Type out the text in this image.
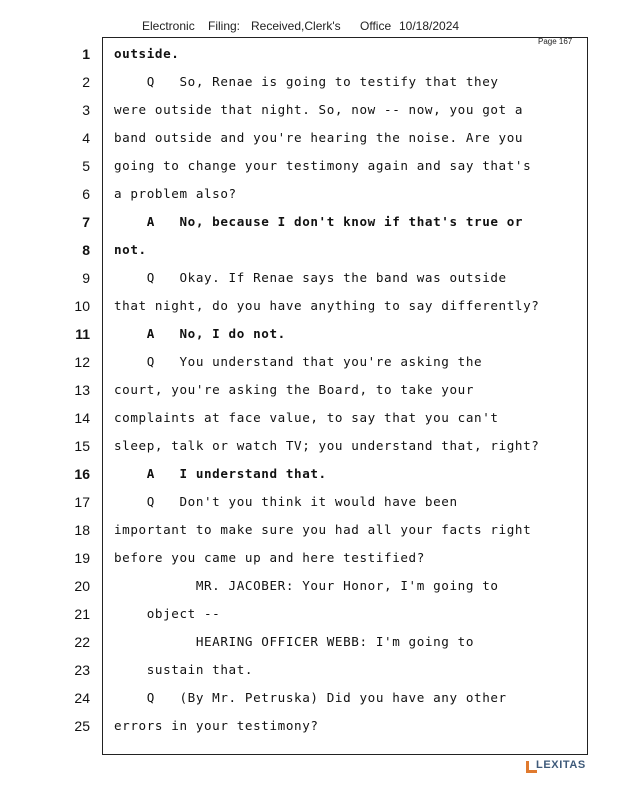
Electronic Filing: Received,Clerk's Office 10/18/2024
Page 167
1 outside.
2 Q   So, Renae is going to testify that they
3 were outside that night. So, now -- now, you got a
4 band outside and you're hearing the noise. Are you
5 going to change your testimony again and say that's
6 a problem also?
7 A   No, because I don't know if that's true or
8 not.
9 Q   Okay. If Renae says the band was outside
10 that night, do you have anything to say differently?
11 A   No, I do not.
12 Q   You understand that you're asking the
13 court, you're asking the Board, to take your
14 complaints at face value, to say that you can't
15 sleep, talk or watch TV; you understand that, right?
16 A   I understand that.
17 Q   Don't you think it would have been
18 important to make sure you had all your facts right
19 before you came up and here testified?
20 MR. JACOBER: Your Honor, I'm going to
21 object --
22 HEARING OFFICER WEBB: I'm going to
23 sustain that.
24 Q   (By Mr. Petruska) Did you have any other
25 errors in your testimony?
LEXITAS
